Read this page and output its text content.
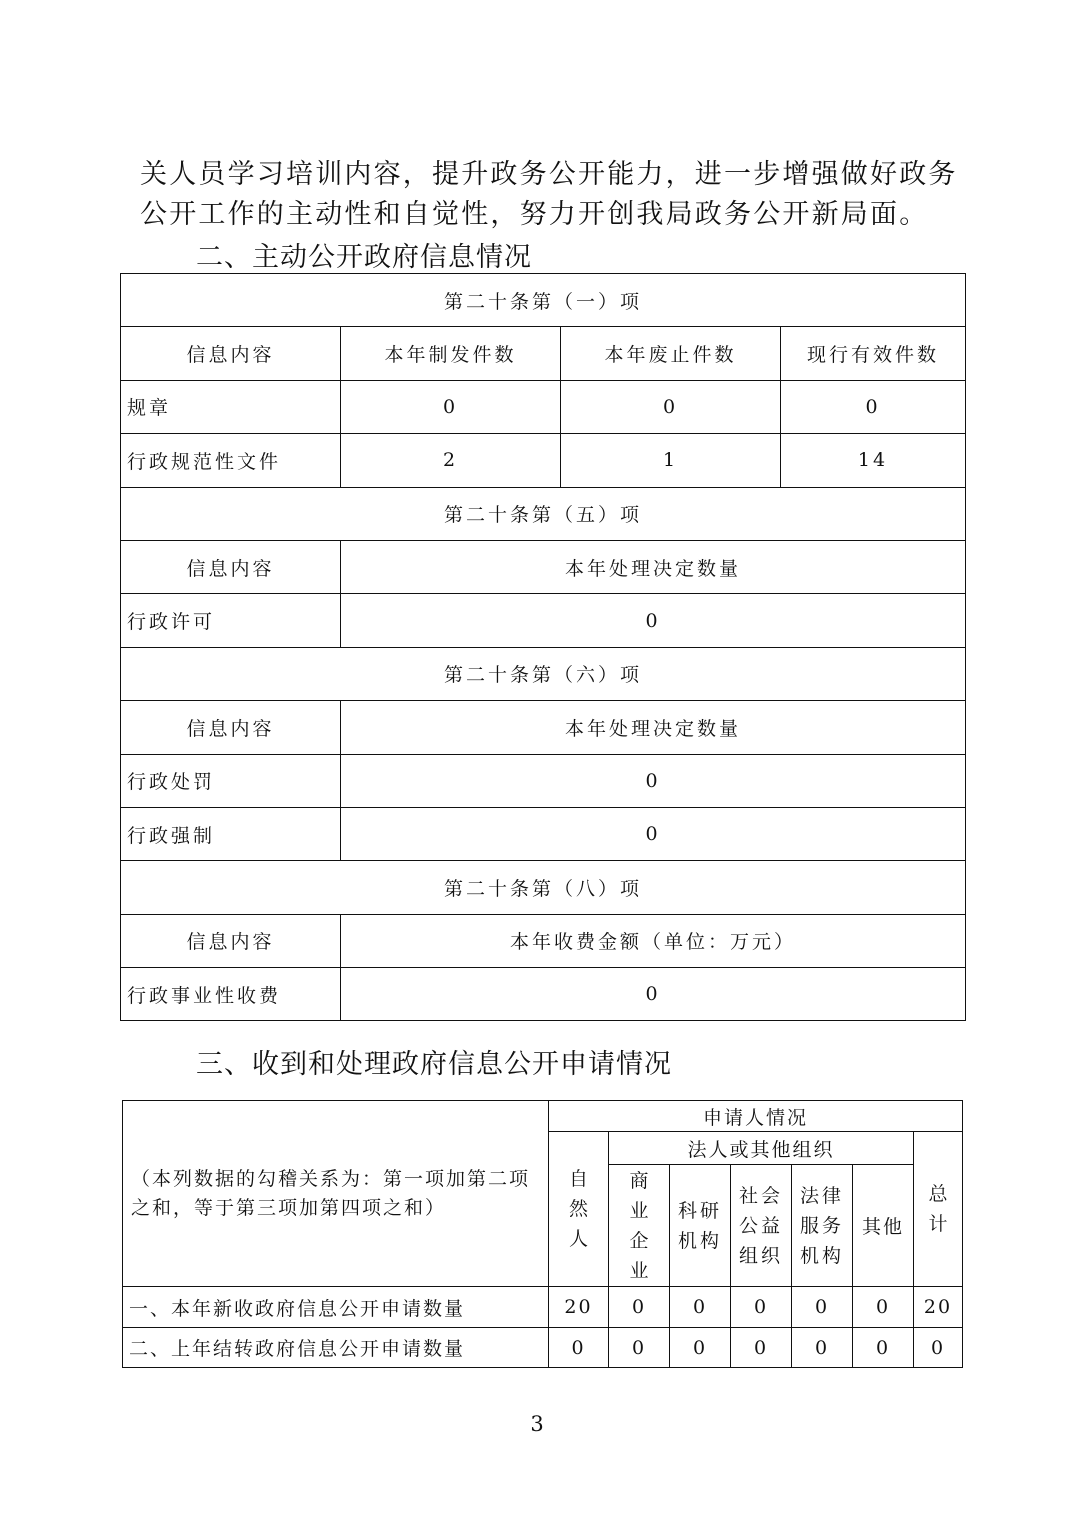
关人员学习培训内容，提升政务公开能力，进一步增强做好政务
公开工作的主动性和自觉性，努力开创我局政务公开新局面。
二、主动公开政府信息情况
第二十条第（一）项			
信息内容	本年制发件数	本年废止件数	现行有效件数
规章	0	0	0
行政规范性文件	2	1	14
第二十条第（五）项			
信息内容	本年处理决定数量		
行政许可	0		
第二十条第（六）项			
信息内容	本年处理决定数量		
行政处罚	0		
行政强制	0		
第二十条第（八）项			
信息内容	本年收费金额（单位：万元）		
行政事业性收费	0		
三、收到和处理政府信息公开申请情况
（本列数据的勾稽关系为：第一项加第二项之和，等于第三项加第四项之和）	申请人情况						
	自然人	法人或其他组织					总计
		商业企业	科研机构	社会公益组织	法律服务机构	其他	
一、本年新收政府信息公开申请数量	20	0	0	0	0	0	20
二、上年结转政府信息公开申请数量	0	0	0	0	0	0	0
3
